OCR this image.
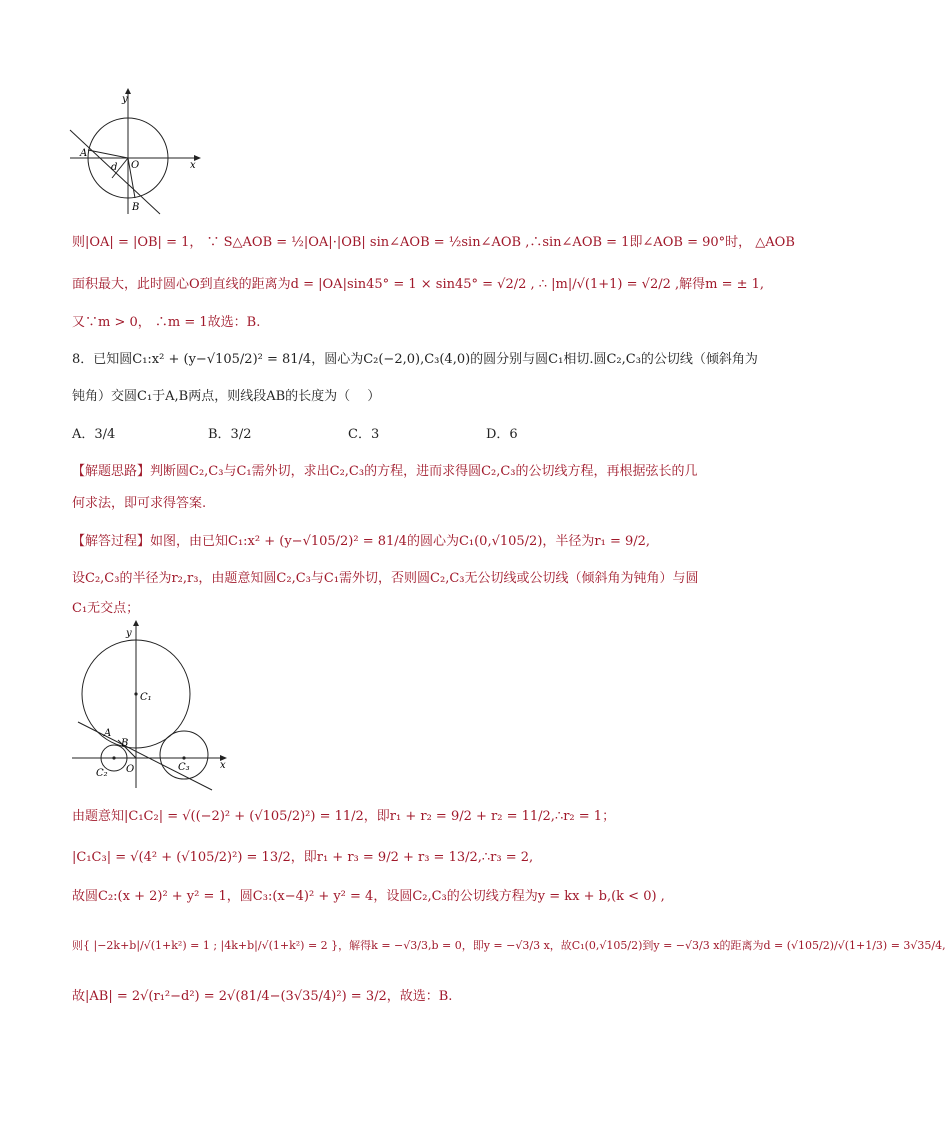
y
x
A
O
B
d
则|OA| = |OB| = 1， ∵ S△AOB = ½|OA|·|OB| sin∠AOB = ½sin∠AOB ,∴sin∠AOB = 1即∠AOB = 90°时， △AOB
面积最大，此时圆心O到直线的距离为d = |OA|sin45° = 1 × sin45° = √2/2 , ∴ |m|/√(1+1) = √2/2 ,解得m = ± 1,
又∵m > 0， ∴m = 1故选：B.
8．已知圆C₁:x² + (y−√105/2)² = 81/4，圆心为C₂(−2,0),C₃(4,0)的圆分别与圆C₁相切.圆C₂,C₃的公切线（倾斜角为
钝角）交圆C₁于A,B两点，则线段AB的长度为（　 ）
A．3/4	B．3/2	C．3	D．6
【解题思路】判断圆C₂,C₃与C₁需外切，求出C₂,C₃的方程，进而求得圆C₂,C₃的公切线方程，再根据弦长的几
何求法，即可求得答案.
【解答过程】如图，由已知C₁:x² + (y−√105/2)² = 81/4的圆心为C₁(0,√105/2)，半径为r₁ = 9/2,
设C₂,C₃的半径为r₂,r₃，由题意知圆C₂,C₃与C₁需外切，否则圆C₂,C₃无公切线或公切线（倾斜角为钝角）与圆
C₁无交点；
y
x
C₁
C₂
C₃
A
B
O
由题意知|C₁C₂| = √((−2)² + (√105/2)²) = 11/2，即r₁ + r₂ = 9/2 + r₂ = 11/2,∴r₂ = 1；
|C₁C₃| = √(4² + (√105/2)²) = 13/2，即r₁ + r₃ = 9/2 + r₃ = 13/2,∴r₃ = 2,
故圆C₂:(x + 2)² + y² = 1，圆C₃:(x−4)² + y² = 4，设圆C₂,C₃的公切线方程为y = kx + b,(k < 0) ,
则{ |−2k+b|/√(1+k²) = 1 ; |4k+b|/√(1+k²) = 2 }，解得k = −√3/3,b = 0，即y = −√3/3 x，故C₁(0,√105/2)到y = −√3/3 x的距离为d = (√105/2)/√(1+1/3) = 3√35/4,
故|AB| = 2√(r₁²−d²) = 2√(81/4−(3√35/4)²) = 3/2，故选：B.
